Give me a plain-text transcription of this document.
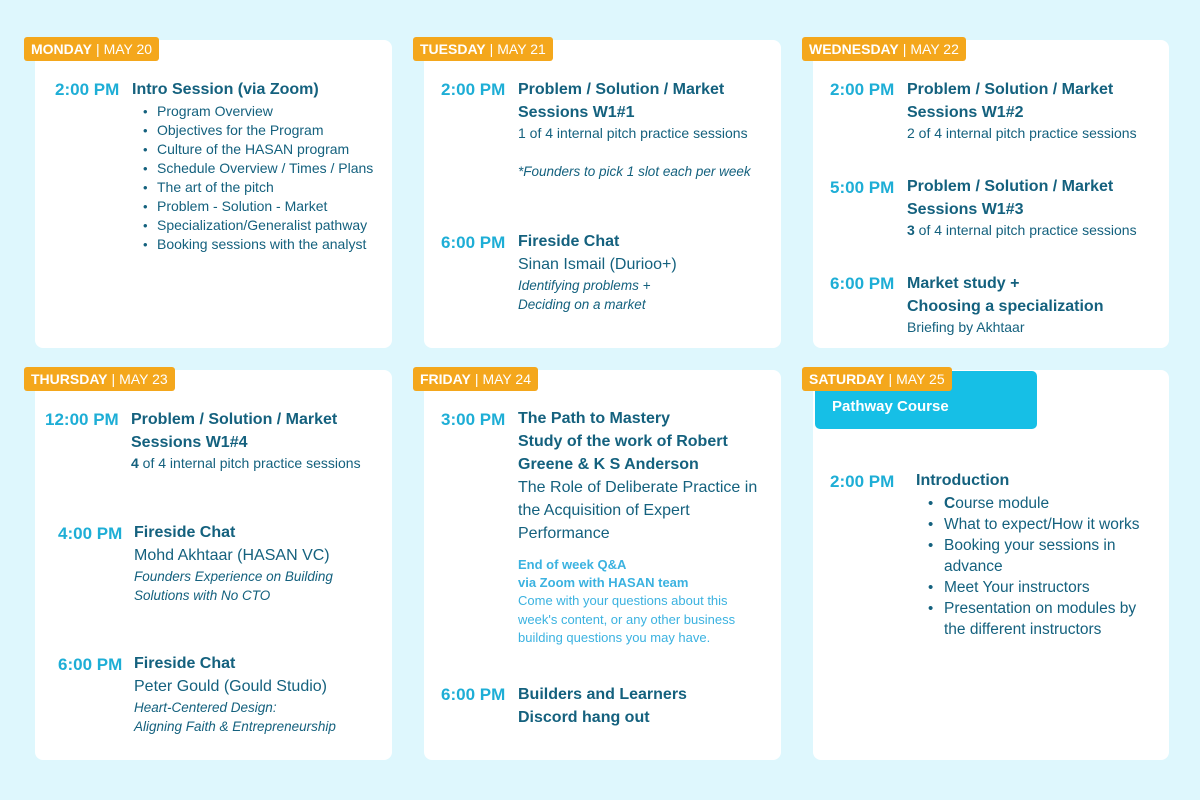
MONDAY | MAY 20
2:00 PM Intro Session (via Zoom)
• Program Overview
• Objectives for the Program
• Culture of the HASAN program
• Schedule Overview / Times / Plans
• The art of the pitch
• Problem - Solution - Market
• Specialization/Generalist pathway
• Booking sessions with the analyst
TUESDAY | MAY 21
2:00 PM Problem / Solution / Market
Sessions W1#1
1 of 4 internal pitch practice sessions
*Founders to pick 1 slot each per week
6:00 PM Fireside Chat
Sinan Ismail (Durioo+)
Identifying problems +
Deciding on a market
WEDNESDAY | MAY 22
2:00 PM Problem / Solution / Market
Sessions W1#2
2 of 4 internal pitch practice sessions
5:00 PM Problem / Solution / Market
Sessions W1#3
3 of 4 internal pitch practice sessions
6:00 PM Market study +
Choosing a specialization
Briefing by Akhtaar
THURSDAY | MAY 23
12:00 PM Problem / Solution / Market
Sessions W1#4
4 of 4 internal pitch practice sessions
4:00 PM Fireside Chat
Mohd Akhtaar (HASAN VC)
Founders Experience on Building
Solutions with No CTO
6:00 PM Fireside Chat
Peter Gould (Gould Studio)
Heart-Centered Design:
Aligning Faith & Entrepreneurship
FRIDAY | MAY 24
3:00 PM The Path to Mastery
Study of the work of Robert
Greene & K S Anderson
The Role of Deliberate Practice in
the Acquisition of Expert
Performance
End of week Q&A
via Zoom with HASAN team
Come with your questions about this
week's content, or any other business
building questions you may have.
6:00 PM Builders and Learners
Discord hang out
Pathway Course
SATURDAY | MAY 25
2:00 PM Introduction
• Course module
• What to expect/How it works
• Booking your sessions in
advance
• Meet Your instructors
• Presentation on modules by
the different instructors
